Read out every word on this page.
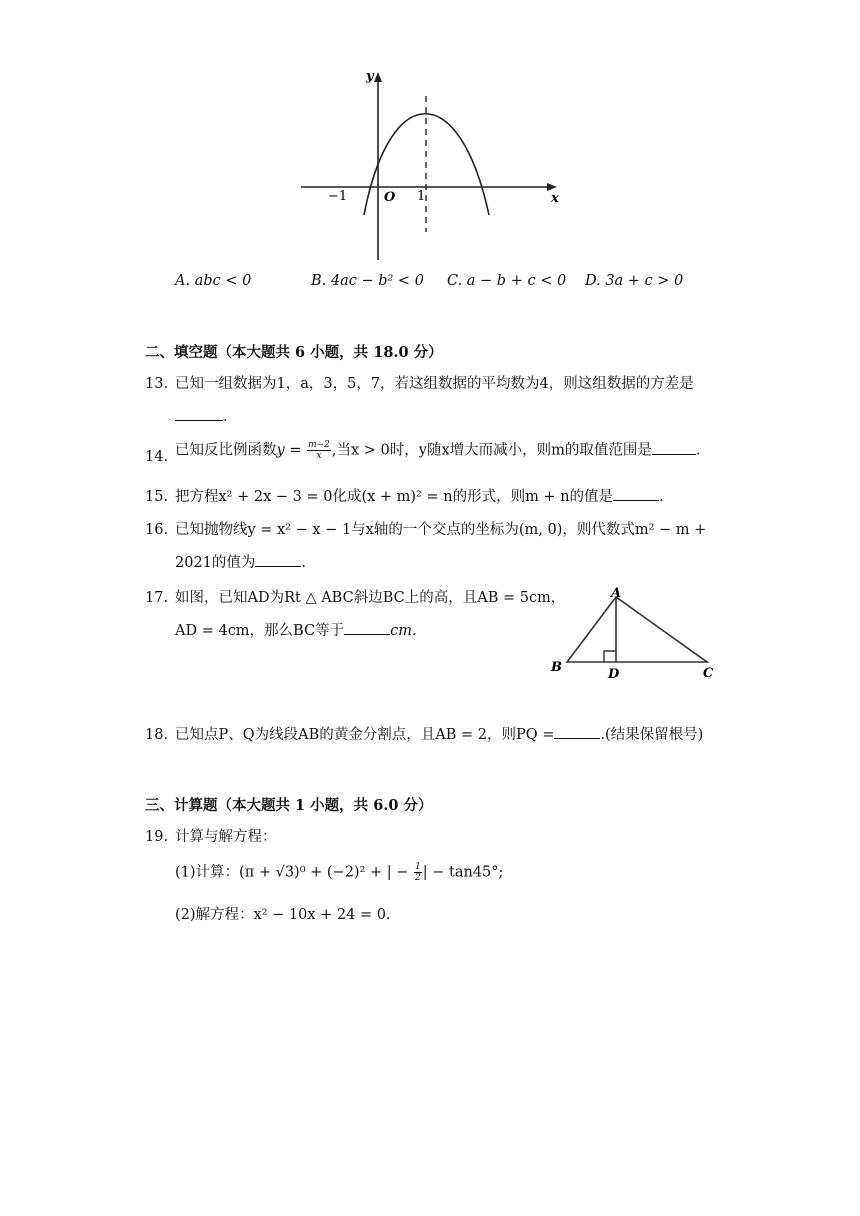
y
x
−1	O 1
A. abc < 0	B. 4ac − b² < 0 C. a − b + c < 0 D. 3a + c > 0
二、填空题（本大题共 6 小题，共 18.0 分）
13. 已知一组数据为1，a，3，5，7，若这组数据的平均数为4，则这组数据的方差是
.
14. 已知反比例函数$y = \frac{m-2}{x}$ ,当x > 0时，y随x增大而减小，则m的取值范围是	.
15. 把方程x² + 2x − 3 = 0化成(x + m)² = n的形式，则m + n的值是	.
16. 已知抛物线y = x² − x − 1与x轴的一个交点的坐标为(m, 0)，则代数式m² − m +
2021的值为	.
17. 如图，已知AD为Rt △ ABC斜边BC上的高，且AB = 5cm，
AD = 4cm，那么BC等于	cm.
A
B	C
D
18. 已知点P、Q为线段AB的黄金分割点，且AB = 2，则PQ =	.(结果保留根号)
三、计算题（本大题共 1 小题，共 6.0 分）
19. 计算与解方程：
(1)计算：(π + √3)⁰ + (−2)² + | − $\frac{1}{2}$ | − tan45°;
(2)解方程：x² − 10x + 24 = 0.
